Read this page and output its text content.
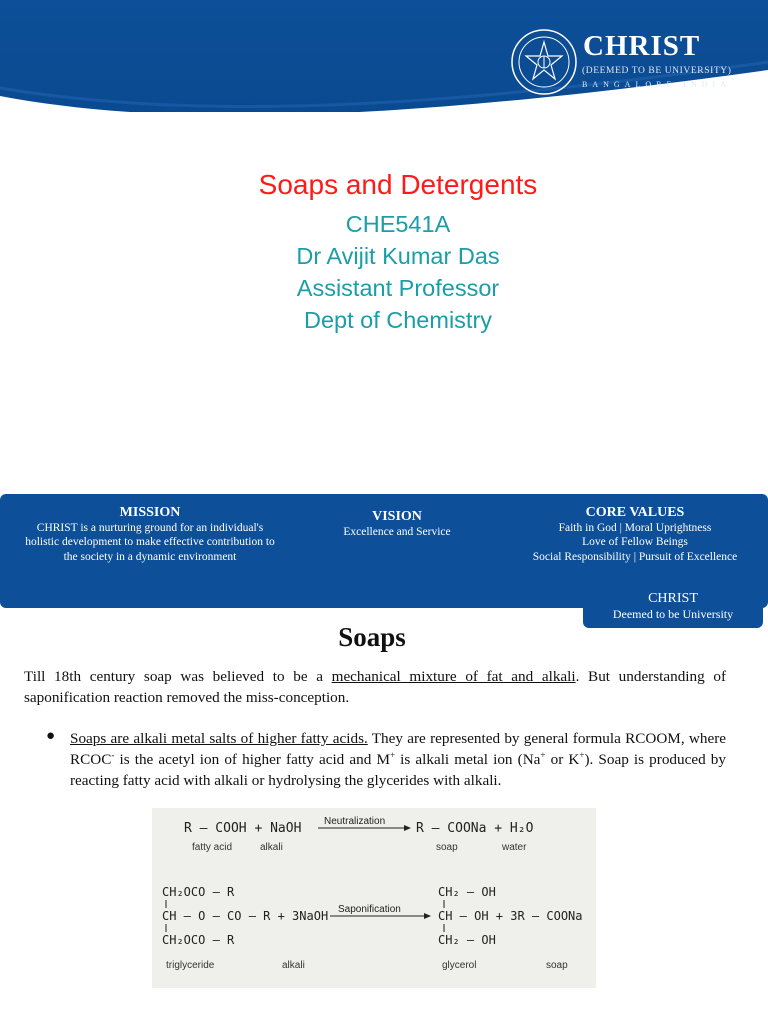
CHRIST
(DEEMED TO BE UNIVERSITY)
BANGALORE INDIA
Soaps and Detergents
CHE541A
Dr Avijit Kumar Das
Assistant Professor
Dept of Chemistry
MISSION
CHRIST is a nurturing ground for an individual's
holistic development to make effective contribution to
the society in a dynamic environment
VISION
Excellence and Service
CORE VALUES
Faith in God | Moral Uprightness
Love of Fellow Beings
Social Responsibility | Pursuit of Excellence
CHRIST
Deemed to be University
Soaps

Till 18th century soap was believed to be a mechanical mixture of fat and alkali. But understanding of saponification reaction removed the miss-conception.

● Soaps are alkali metal salts of higher fatty acids. They are represented by general formula RCOOM, where RCOC- is the acetyl ion of higher fatty acid and M+ is alkali metal ion (Na+ or K+). Soap is produced by reacting fatty acid with alkali or hydrolysing the glycerides with alkali.

R – COOH + NaOH Neutralization R – COONa + H₂O
fatty acid	alkali	soap	water
CH₂OCO – R
CH – O – CO – R + 3NaOH
CH₂OCO – R
Saponification
CH₂ – OH
CH – OH + 3R – COONa
CH₂ – OH
triglyceride	alkali	glycerol	soap
